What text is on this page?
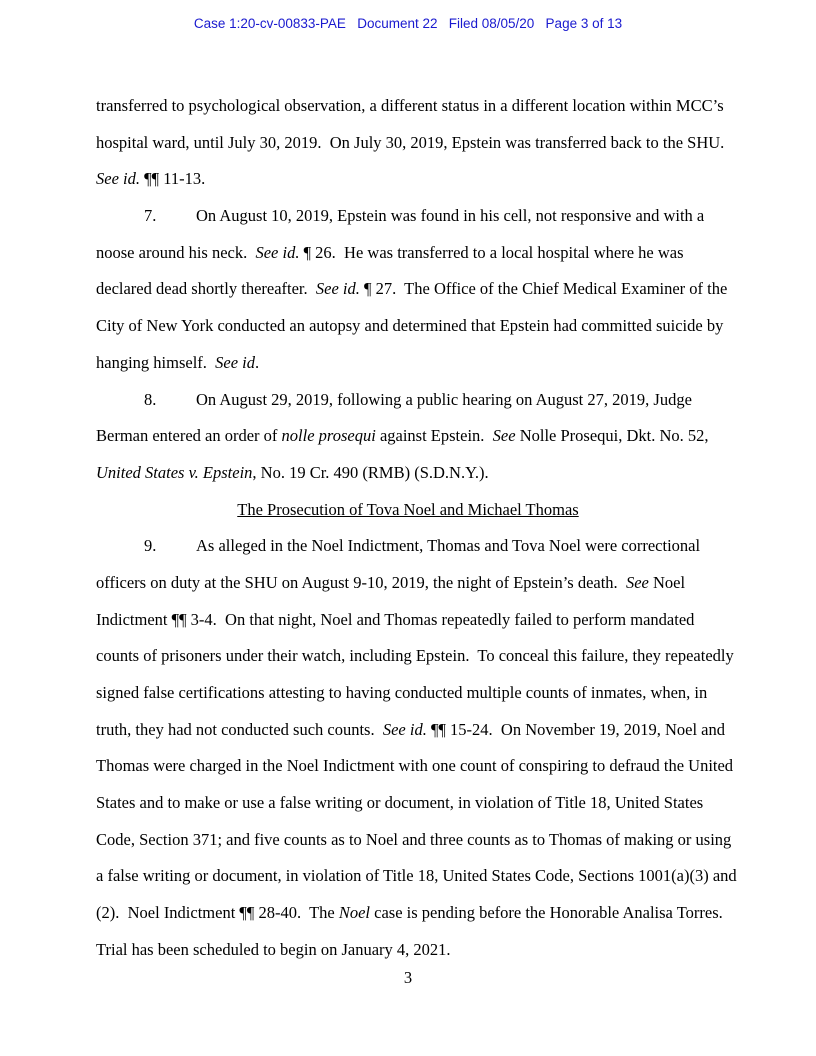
Case 1:20-cv-00833-PAE   Document 22   Filed 08/05/20   Page 3 of 13
transferred to psychological observation, a different status in a different location within MCC’s
hospital ward, until July 30, 2019.  On July 30, 2019, Epstein was transferred back to the SHU.
See id. ¶¶ 11-13.
7. On August 10, 2019, Epstein was found in his cell, not responsive and with a
noose around his neck.  See id. ¶ 26.  He was transferred to a local hospital where he was
declared dead shortly thereafter.  See id. ¶ 27.  The Office of the Chief Medical Examiner of the
City of New York conducted an autopsy and determined that Epstein had committed suicide by
hanging himself.  See id.
8. On August 29, 2019, following a public hearing on August 27, 2019, Judge
Berman entered an order of nolle prosequi against Epstein.  See Nolle Prosequi, Dkt. No. 52,
United States v. Epstein, No. 19 Cr. 490 (RMB) (S.D.N.Y.).
The Prosecution of Tova Noel and Michael Thomas
9. As alleged in the Noel Indictment, Thomas and Tova Noel were correctional
officers on duty at the SHU on August 9-10, 2019, the night of Epstein’s death.  See Noel
Indictment ¶¶ 3-4.  On that night, Noel and Thomas repeatedly failed to perform mandated
counts of prisoners under their watch, including Epstein.  To conceal this failure, they repeatedly
signed false certifications attesting to having conducted multiple counts of inmates, when, in
truth, they had not conducted such counts.  See id. ¶¶ 15-24.  On November 19, 2019, Noel and
Thomas were charged in the Noel Indictment with one count of conspiring to defraud the United
States and to make or use a false writing or document, in violation of Title 18, United States
Code, Section 371; and five counts as to Noel and three counts as to Thomas of making or using
a false writing or document, in violation of Title 18, United States Code, Sections 1001(a)(3) and
(2).  Noel Indictment ¶¶ 28-40.  The Noel case is pending before the Honorable Analisa Torres.
Trial has been scheduled to begin on January 4, 2021.
3
